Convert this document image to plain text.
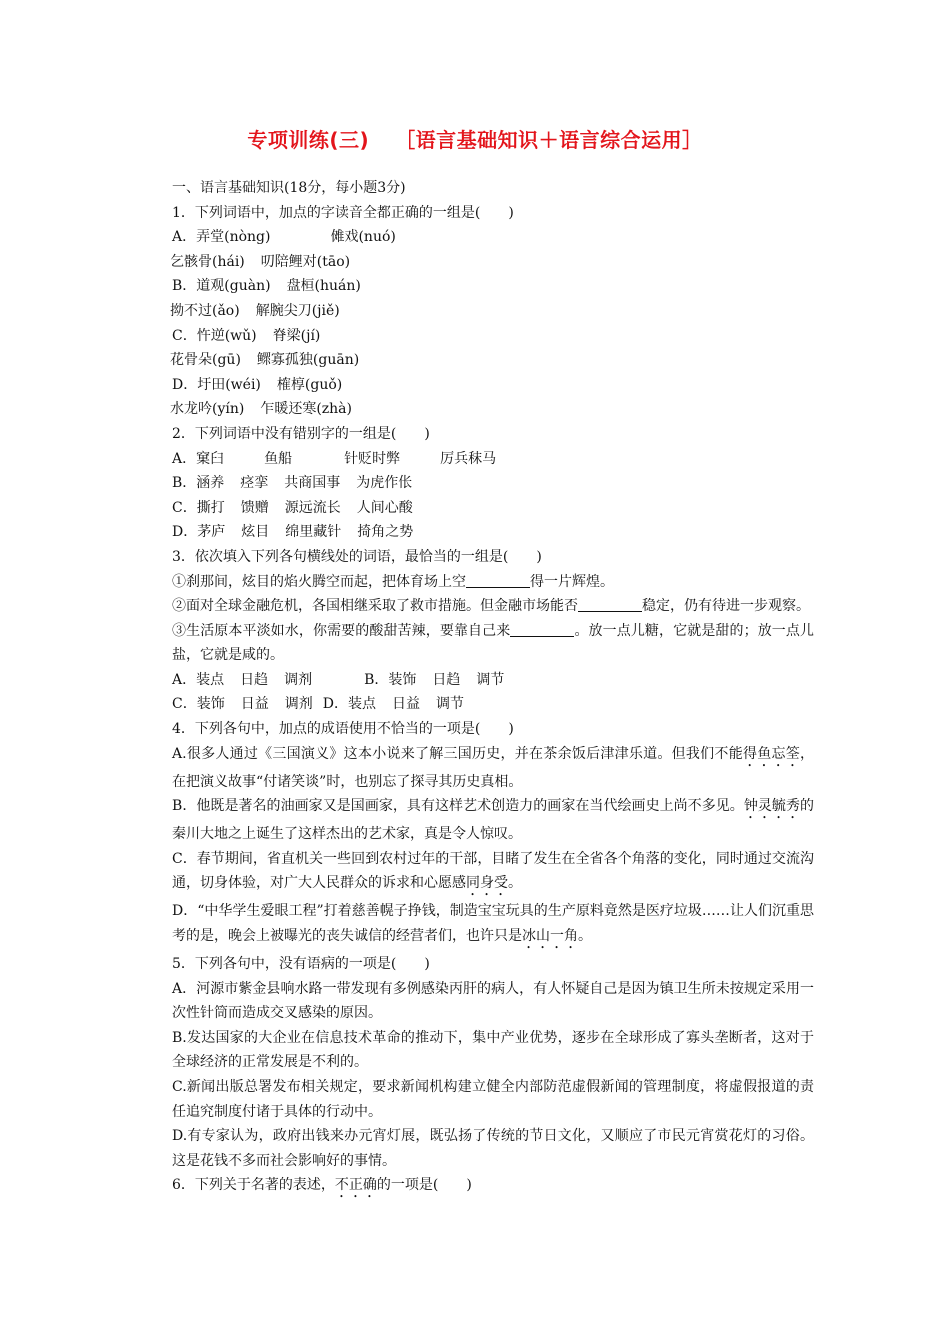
专项训练(三) ［语言基础知识＋语言综合运用］

一、语言基础知识(18分，每小题3分)

1．下列词语中，加点的字读音全都正确的一组是(　　)

A．弄堂(nòng)	傩戏(nuó)

乞骸骨(hái) 叨陪鲤对(tāo)

B．道观(guàn) 盘桓(huán)

拗不过(ǎo) 解腕尖刀(jiě)

C．忤逆(wǔ) 脊梁(jí)

花骨朵(gū) 鳏寡孤独(guān)

D．圩田(wéi) 榷椁(guǒ)

水龙吟(yín) 乍暖还寒(zhà)

2．下列词语中没有错别字的一组是(　　)

A．窠臼	鱼船	针贬时弊	厉兵秣马

B．涵养 痉挛 共商国事 为虎作伥

C．撕打 馈赠 源远流长 人间心酸

D．茅庐 炫目 绵里藏针 掎角之势

3．依次填入下列各句横线处的词语，最恰当的一组是(　　)

①刹那间，炫目的焰火腾空而起，把体育场上空	得一片辉煌。

②面对全球金融危机，各国相继采取了救市措施。但金融市场能否	稳定，仍有待进一步观察。

③生活原本平淡如水，你需要的酸甜苦辣，要靠自己来	。放一点儿糖，它就是甜的；放一点儿盐，它就是咸的。

A．装点 日趋 调剂	B．装饰 日趋 调节

C．装饰 日益 调剂 D．装点 日益 调节

4．下列各句中，加点的成语使用不恰当的一项是(　　)

A.很多人通过《三国演义》这本小说来了解三国历史，并在茶余饭后津津乐道。但我们不能得鱼忘筌，在把演义故事“付诸笑谈”时，也别忘了探寻其历史真相。

B．他既是著名的油画家又是国画家，具有这样艺术创造力的画家在当代绘画史上尚不多见。钟灵毓秀的秦川大地之上诞生了这样杰出的艺术家，真是令人惊叹。

C．春节期间，省直机关一些回到农村过年的干部，目睹了发生在全省各个角落的变化，同时通过交流沟通，切身体验，对广大人民群众的诉求和心愿感同身受。

D．“中华学生爱眼工程”打着慈善幌子挣钱，制造宝宝玩具的生产原料竟然是医疗垃圾……让人们沉重思考的是，晚会上被曝光的丧失诚信的经营者们，也许只是冰山一角。

5．下列各句中，没有语病的一项是(　　)

A．河源市紫金县响水路一带发现有多例感染丙肝的病人，有人怀疑自己是因为镇卫生所未按规定采用一次性针筒而造成交叉感染的原因。

B.发达国家的大企业在信息技术革命的推动下，集中产业优势，逐步在全球形成了寡头垄断者，这对于全球经济的正常发展是不利的。

C.新闻出版总署发布相关规定，要求新闻机构建立健全内部防范虚假新闻的管理制度，将虚假报道的责任追究制度付诸于具体的行动中。

D.有专家认为，政府出钱来办元宵灯展，既弘扬了传统的节日文化，又顺应了市民元宵赏花灯的习俗。这是花钱不多而社会影响好的事情。

6．下列关于名著的表述，不正确的一项是(　　)
